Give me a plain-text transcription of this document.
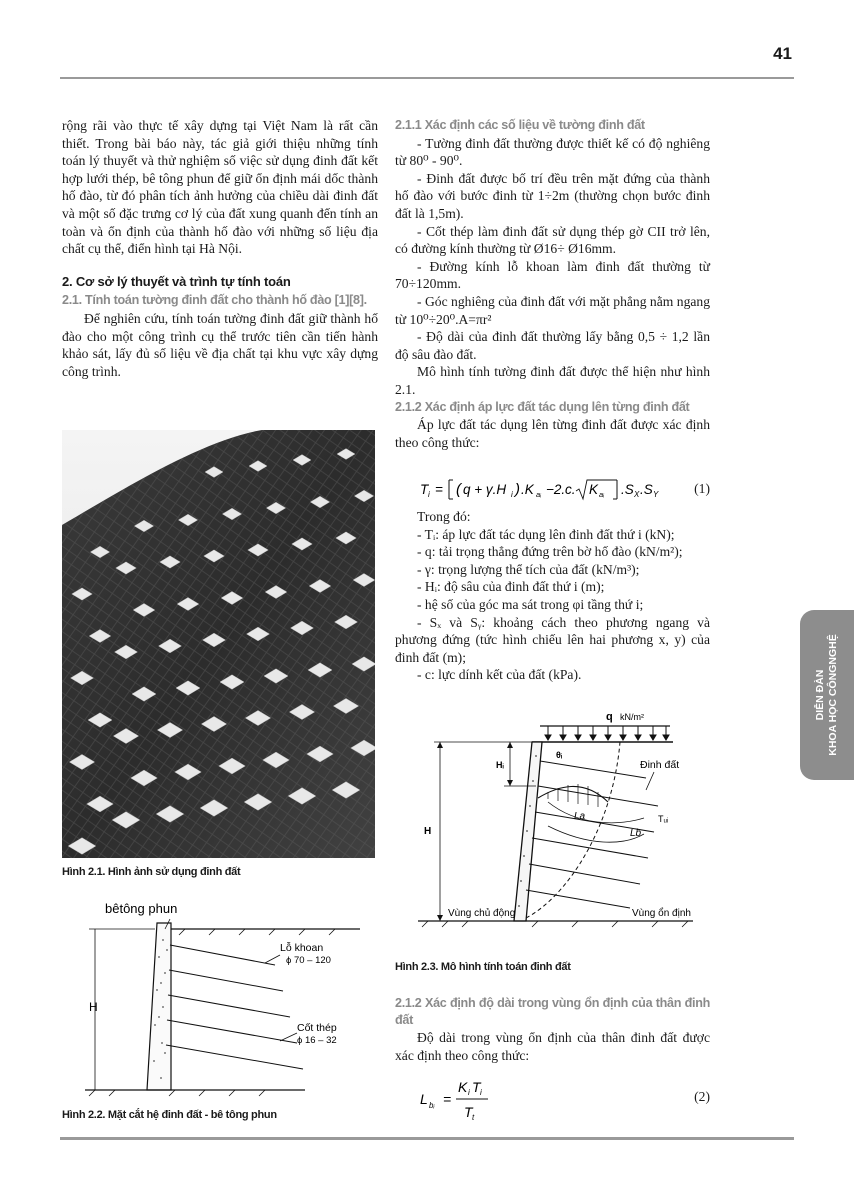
41
DIỄN ĐÀN KHOA HỌC CÔNGNGHỆ

rộng rãi vào thực tế xây dựng tại Việt Nam là rất cần thiết. Trong bài báo này, tác giả giới thiệu những tính toán lý thuyết và thử nghiệm số việc sử dụng đinh đất kết hợp lưới thép, bê tông phun để giữ ổn định mái dốc thành hố đào, từ đó phân tích ảnh hưởng của chiều dài đinh đất và một số đặc trưng cơ lý của đất xung quanh đến tính an toàn và ổn định của thành hố đào với những số liệu địa chất cụ thể, điển hình tại Hà Nội.

2. Cơ sở lý thuyết và trình tự tính toán

2.1. Tính toán tường đinh đất cho thành hố đào [1][8].

Để nghiên cứu, tính toán tường đinh đất giữ thành hố đào cho một công trình cụ thể trước tiên cần tiến hành khảo sát, lấy đủ số liệu về địa chất tại khu vực xây dựng công trình.

Hình 2.1. Hình ảnh sử dụng đinh đất
bêtông phun
H
Lỗ khoan
ϕ 70 – 120
Cốt thép
ϕ 16 – 32
Hình 2.2. Mặt cắt hệ đinh đất - bê tông phun

2.1.1 Xác định các số liệu về tường đinh đất

- Tường đinh đất thường được thiết kế có độ nghiêng từ 80⁰ - 90⁰.

- Đinh đất được bố trí đều trên mặt đứng của thành hố đào với bước đinh từ 1÷2m (thường chọn bước đinh đất là 1,5m).

- Cốt thép làm đinh đất sử dụng thép gờ CII trở lên, có đường kính thường từ Ø16÷ Ø16mm.

- Đường kính lỗ khoan làm đinh đất thường từ 70÷120mm.

- Góc nghiêng của đinh đất với mặt phẳng nằm ngang từ 10⁰÷20⁰.A=πr²

- Độ dài của đinh đất thường lấy bằng 0,5 ÷ 1,2 lần độ sâu đào đất.

Mô hình tính tường đinh đất được thể hiện như hình 2.1.

2.1.2 Xác định áp lực đất tác dụng lên từng đinh đất

Áp lực đất tác dụng lên từng đinh đất được xác định theo công thức:

T i = ( q + γ.H i ) .K aᵢ −2. c. K aᵢ .S X .S Y	(1)

Trong đó:

- Tᵢ: áp lực đất tác dụng lên đinh đất thứ i (kN);

- q: tải trọng thẳng đứng trên bờ hố đào (kN/m²);

- γ: trọng lượng thể tích của đất (kN/m³);

- Hᵢ: độ sâu của đinh đất thứ i (m);

- hệ số của góc ma sát trong φi tầng thứ i;

- Sₓ và Sᵧ: khoảng cách theo phương ngang và phương đứng (tức hình chiếu lên hai phương x, y) của đinh đất (m);

- c: lực dính kết của đất (kPa).

q kN/m²
H
Hᵢ
θᵢ
Đinh đất
La
Lb
Tᵤᵢ
Vùng chủ động	Vùng ổn định
Hình 2.3. Mô hình tính toán đinh đất

2.1.2 Xác định độ dài trong vùng ổn định của thân đinh đất

Độ dài trong vùng ổn định của thân đinh đất được xác định theo công thức:

L bᵢ =
K i T i
T t
(2)
